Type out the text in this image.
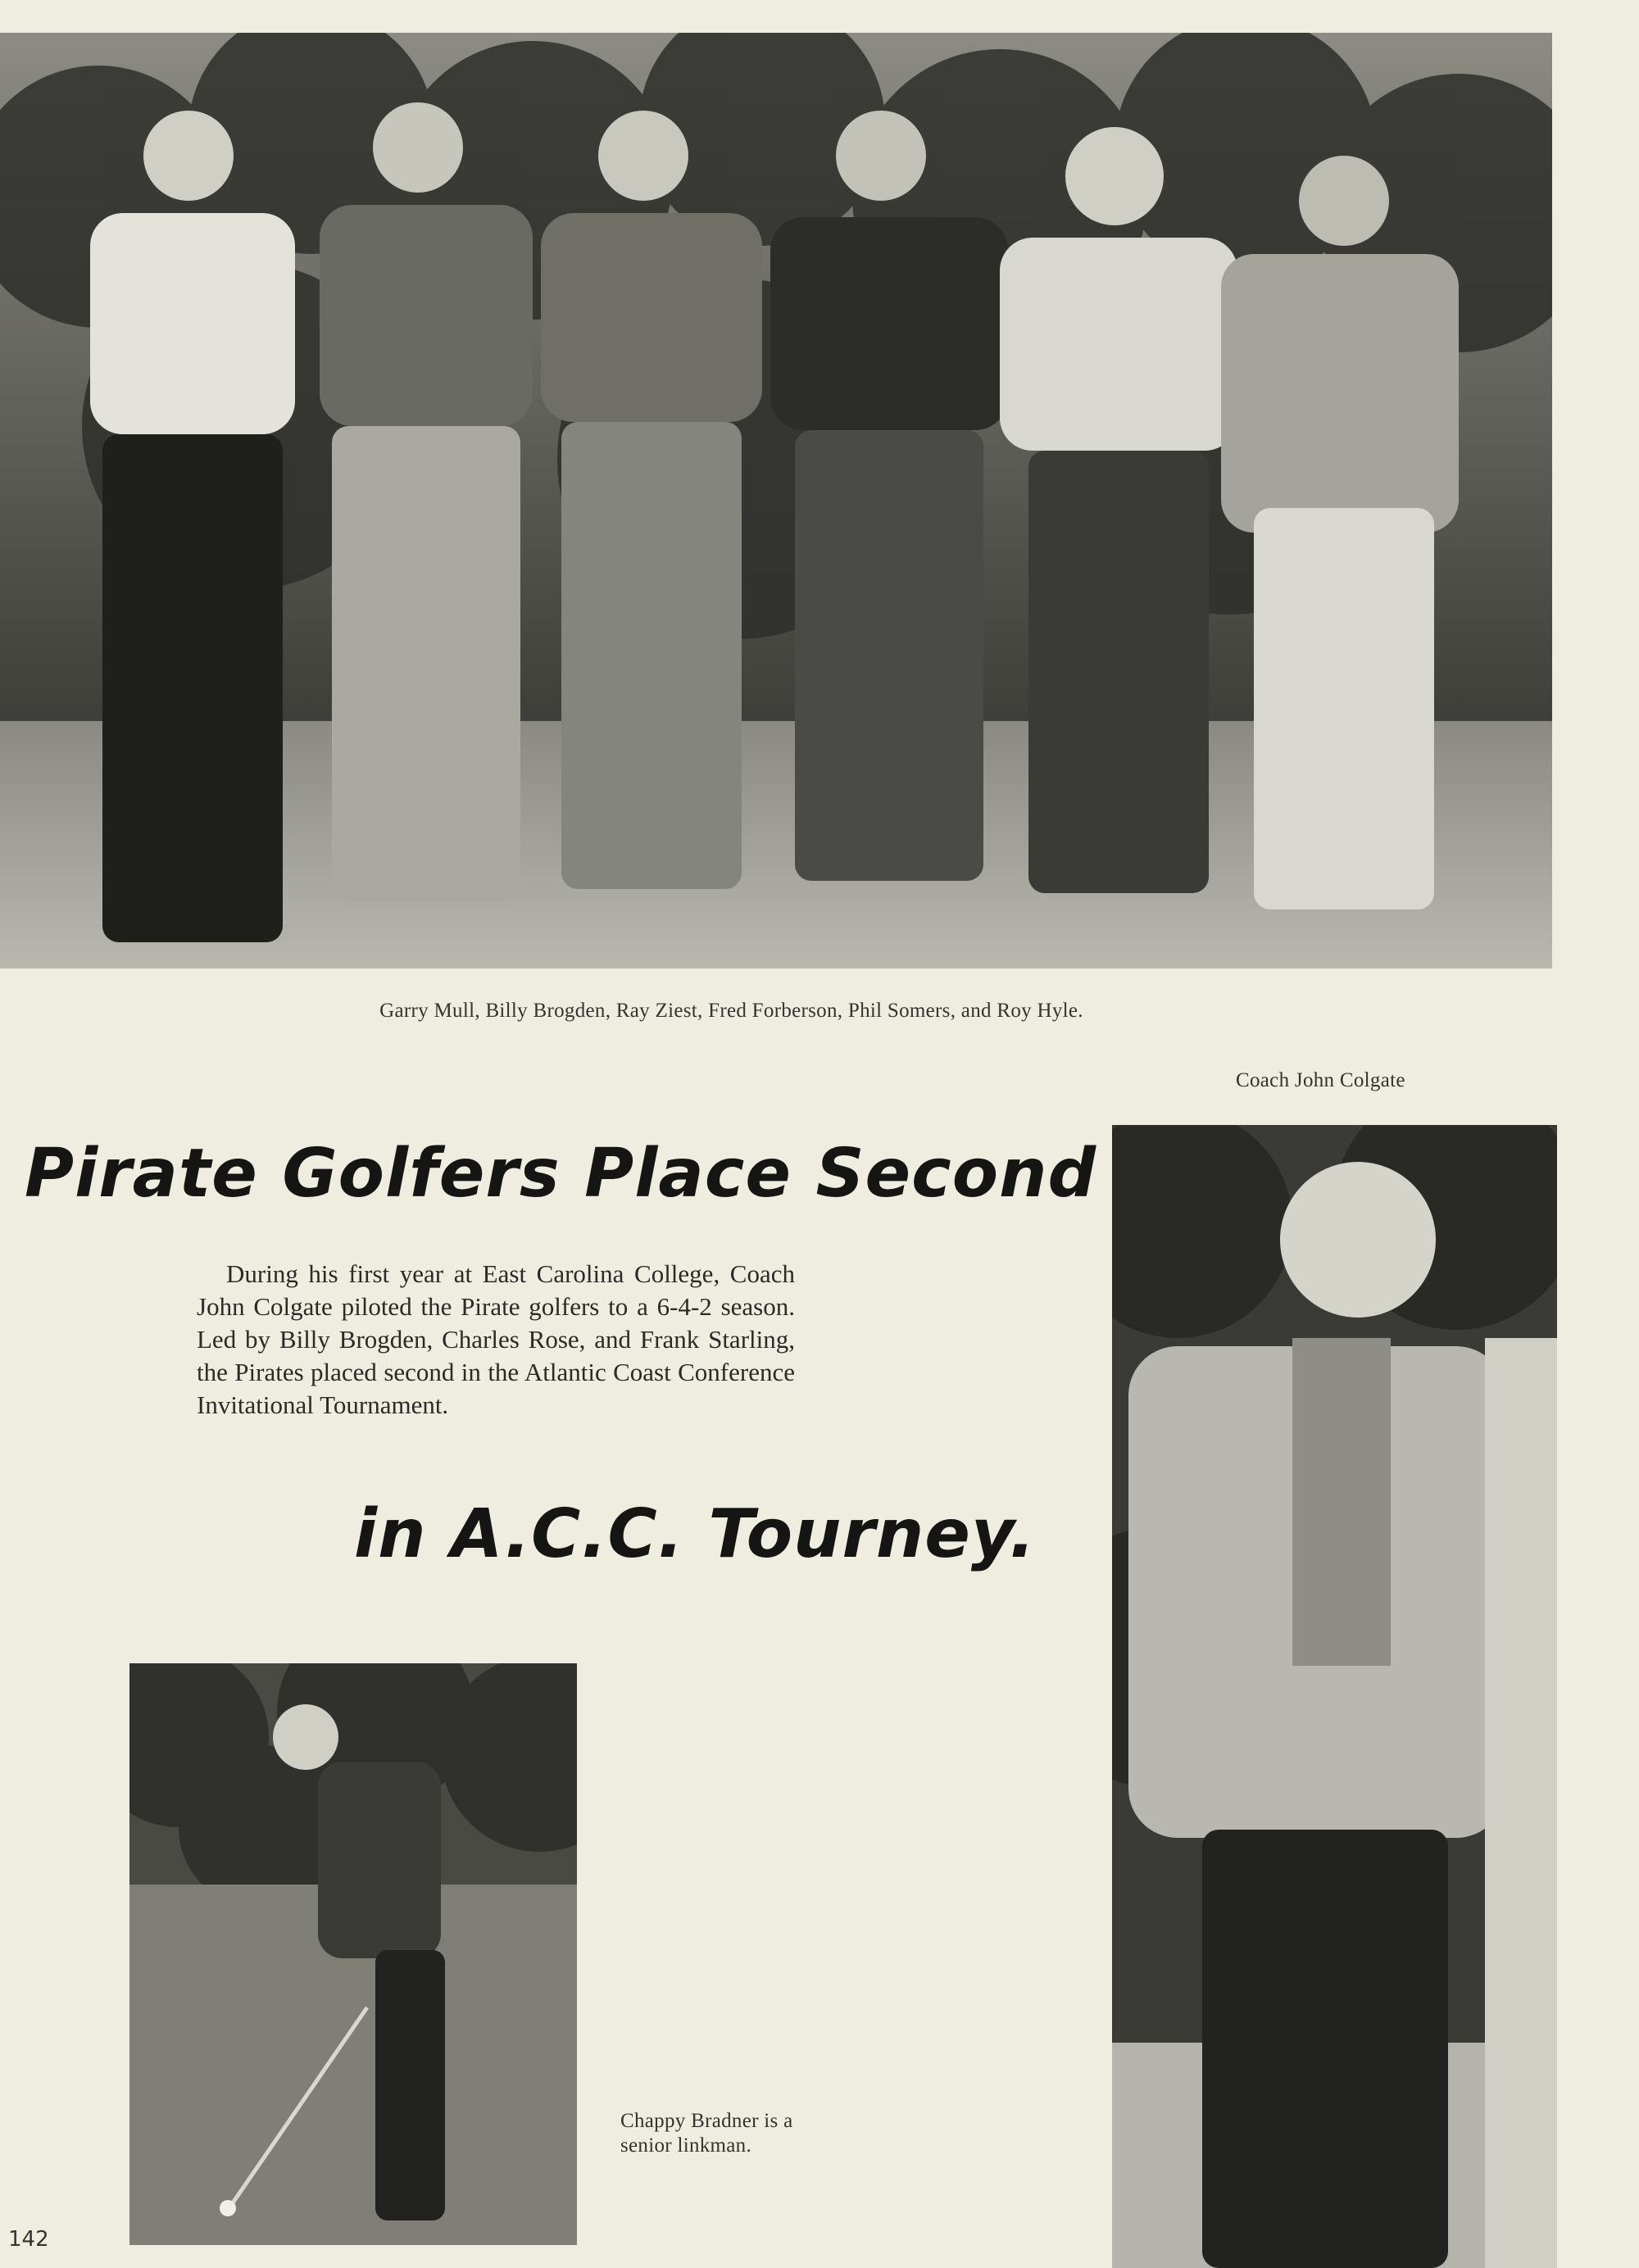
Garry Mull, Billy Brogden, Ray Ziest, Fred Forberson, Phil Somers, and Roy Hyle.
Coach John Colgate
Pirate Golfers Place Second
During his first year at East Carolina College, Coach John Colgate piloted the Pirate golfers to a 6-4-2 season. Led by Billy Brogden, Charles Rose, and Frank Starling, the Pirates placed second in the Atlantic Coast Conference Invitational Tournament.
in A.C.C. Tourney.
Chappy Bradner is a senior linkman.
142
